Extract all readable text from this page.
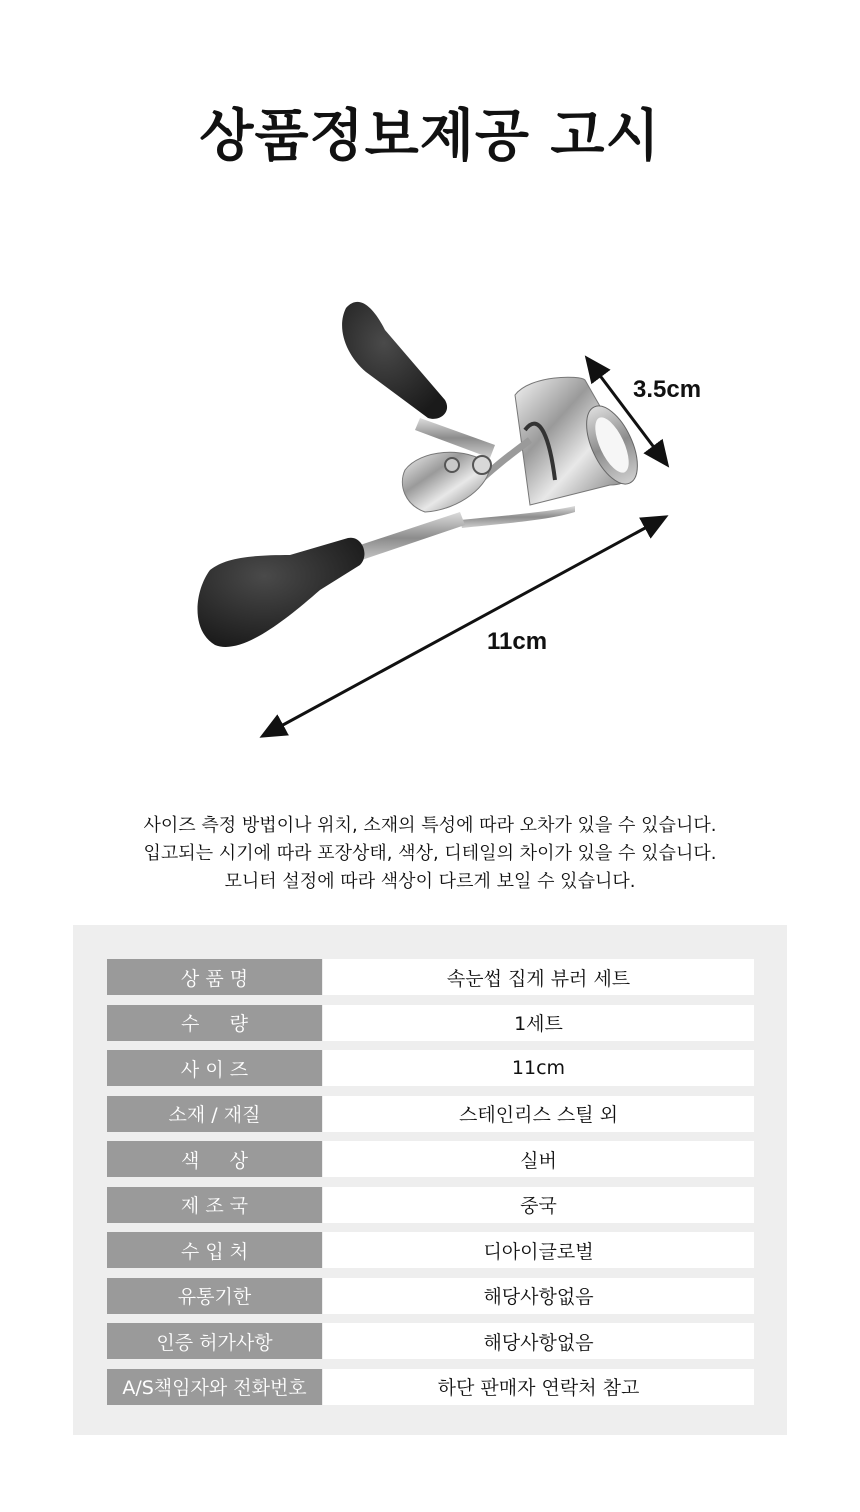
상품정보제공 고시
3.5cm
11cm
사이즈 측정 방법이나 위치, 소재의 특성에 따라 오차가 있을 수 있습니다.
입고되는 시기에 따라 포장상태, 색상, 디테일의 차이가 있을 수 있습니다.
모니터 설정에 따라 색상이 다르게 보일 수 있습니다.
상 품 명	속눈썹 집게 뷰러 세트
수     량	1세트
사 이 즈	11cm
소재 / 재질	스테인리스 스틸 외
색     상	실버
제 조 국	중국
수 입 처	디아이글로벌
유통기한	해당사항없음
인증 허가사항	해당사항없음
A/S책임자와 전화번호	하단 판매자 연락처 참고
